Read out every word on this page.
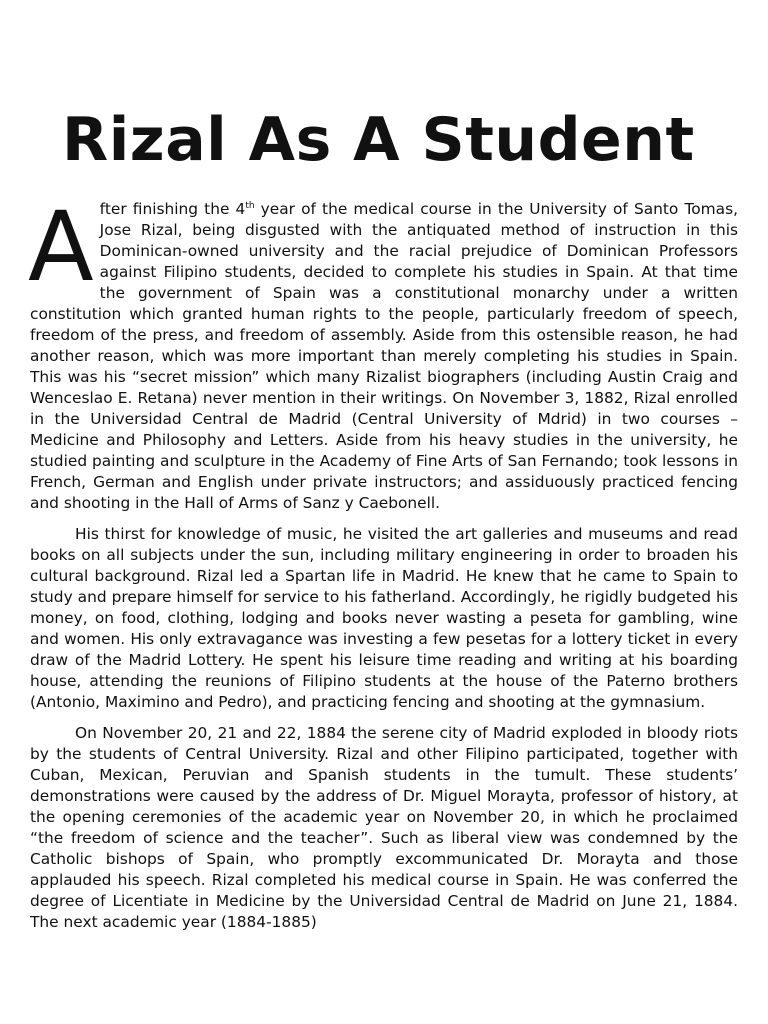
Rizal As A Student

After finishing the 4th year of the medical course in the University of Santo Tomas, Jose Rizal, being disgusted with the antiquated method of instruction in this Dominican-owned university and the racial prejudice of Dominican Professors against Filipino students, decided to complete his studies in Spain. At that time the government of Spain was a constitutional monarchy under a written constitution which granted human rights to the people, particularly freedom of speech, freedom of the press, and freedom of assembly. Aside from this ostensible reason, he had another reason, which was more important than merely completing his studies in Spain. This was his “secret mission” which many Rizalist biographers (including Austin Craig and Wenceslao E. Retana) never mention in their writings. On November 3, 1882, Rizal enrolled in the Universidad Central de Madrid (Central University of Mdrid) in two courses – Medicine and Philosophy and Letters. Aside from his heavy studies in the university, he studied painting and sculpture in the Academy of Fine Arts of San Fernando; took lessons in French, German and English under private instructors; and assiduously practiced fencing and shooting in the Hall of Arms of Sanz y Caebonell.

His thirst for knowledge of music, he visited the art galleries and museums and read books on all subjects under the sun, including military engineering in order to broaden his cultural background. Rizal led a Spartan life in Madrid. He knew that he came to Spain to study and prepare himself for service to his fatherland. Accordingly, he rigidly budgeted his money, on food, clothing, lodging and books never wasting a peseta for gambling, wine and women. His only extravagance was investing a few pesetas for a lottery ticket in every draw of the Madrid Lottery. He spent his leisure time reading and writing at his boarding house, attending the reunions of Filipino students at the house of the Paterno brothers (Antonio, Maximino and Pedro), and practicing fencing and shooting at the gymnasium.

On November 20, 21 and 22, 1884 the serene city of Madrid exploded in bloody riots by the students of Central University. Rizal and other Filipino participated, together with Cuban, Mexican, Peruvian and Spanish students in the tumult. These students’ demonstrations were caused by the address of Dr. Miguel Morayta, professor of history, at the opening ceremonies of the academic year on November 20, in which he proclaimed “the freedom of science and the teacher”. Such as liberal view was condemned by the Catholic bishops of Spain, who promptly excommunicated Dr. Morayta and those applauded his speech. Rizal completed his medical course in Spain. He was conferred the degree of Licentiate in Medicine by the Universidad Central de Madrid on June 21, 1884. The next academic year (1884-1885)
